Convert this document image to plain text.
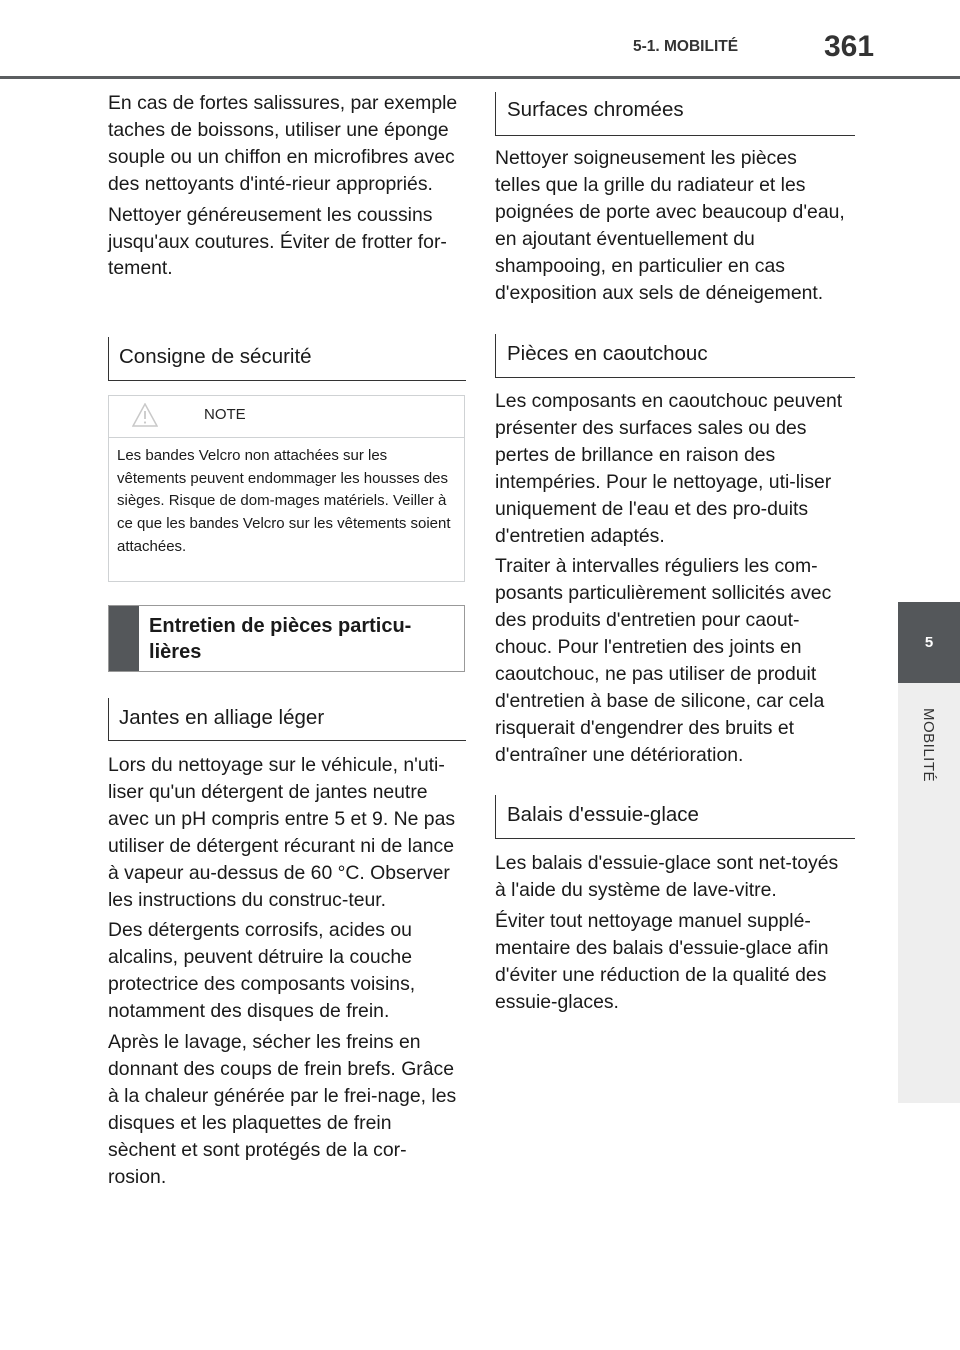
5-1. MOBILITÉ	361
5
MOBILITÉ

En cas de fortes salissures, par exemple taches de boissons, utiliser une éponge souple ou un chiffon en microfibres avec des nettoyants d'inté-rieur appropriés.

Nettoyer généreusement les coussins jusqu'aux coutures. Éviter de frotter for-tement.

Consigne de sécurité
NOTE
Les bandes Velcro non attachées sur les vêtements peuvent endommager les housses des sièges. Risque de dom-mages matériels. Veiller à ce que les bandes Velcro sur les vêtements soient attachées.
Entretien de pièces particu-lières
Jantes en alliage léger

Lors du nettoyage sur le véhicule, n'uti-liser qu'un détergent de jantes neutre avec un pH compris entre 5 et 9. Ne pas utiliser de détergent récurant ni de lance à vapeur au-dessus de 60 °C. Observer les instructions du construc-teur.

Des détergents corrosifs, acides ou alcalins, peuvent détruire la couche protectrice des composants voisins, notamment des disques de frein.

Après le lavage, sécher les freins en donnant des coups de frein brefs. Grâce à la chaleur générée par le frei-nage, les disques et les plaquettes de frein sèchent et sont protégés de la cor-rosion.

Surfaces chromées

Nettoyer soigneusement les pièces telles que la grille du radiateur et les poignées de porte avec beaucoup d'eau, en ajoutant éventuellement du shampooing, en particulier en cas d'exposition aux sels de déneigement.

Pièces en caoutchouc

Les composants en caoutchouc peuvent présenter des surfaces sales ou des pertes de brillance en raison des intempéries. Pour le nettoyage, uti-liser uniquement de l'eau et des pro-duits d'entretien adaptés.

Traiter à intervalles réguliers les com-posants particulièrement sollicités avec des produits d'entretien pour caout-chouc. Pour l'entretien des joints en caoutchouc, ne pas utiliser de produit d'entretien à base de silicone, car cela risquerait d'engendrer des bruits et d'entraîner une détérioration.

Balais d'essuie-glace

Les balais d'essuie-glace sont net-toyés à l'aide du système de lave-vitre.

Éviter tout nettoyage manuel supplé-mentaire des balais d'essuie-glace afin d'éviter une réduction de la qualité des essuie-glaces.
